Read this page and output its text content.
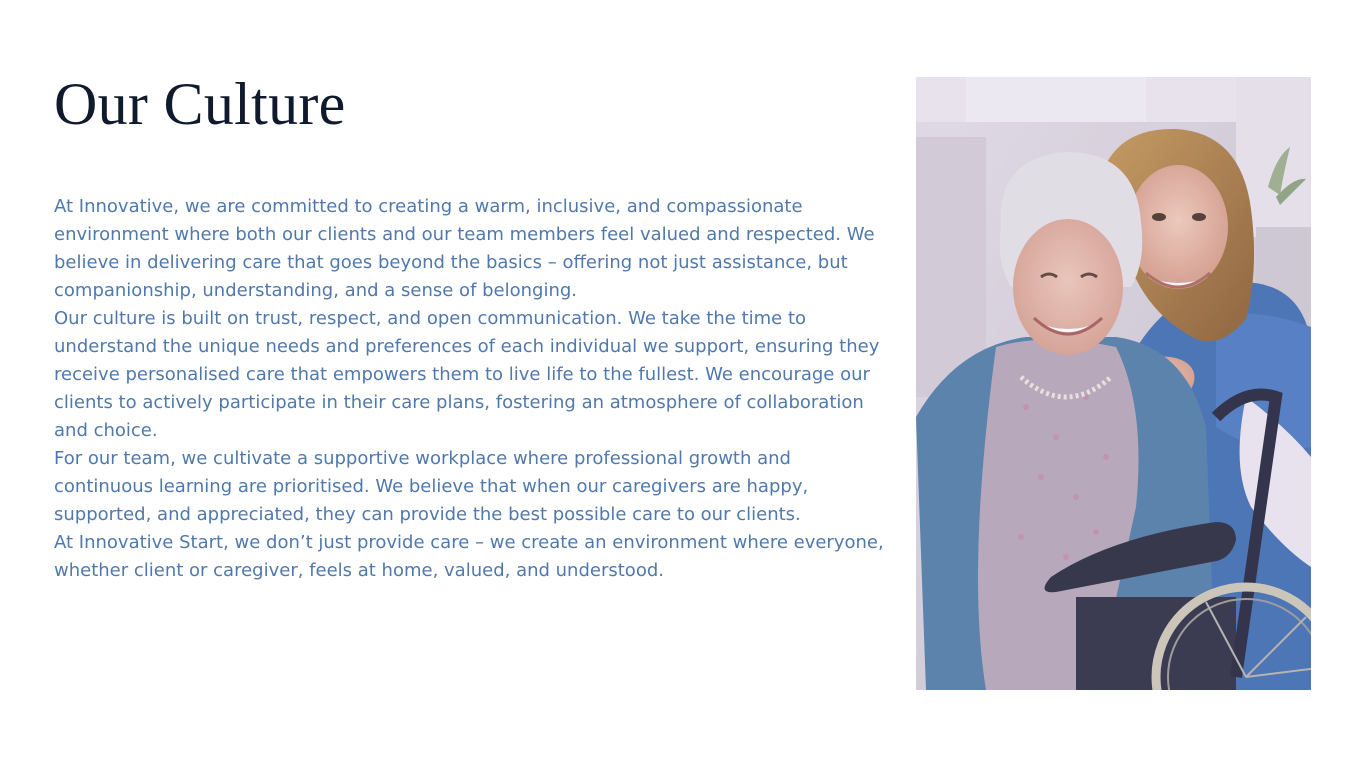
Our Culture

At Innovative, we are committed to creating a warm, inclusive, and compassionate environment where both our clients and our team members feel valued and respected. We believe in delivering care that goes beyond the basics – offering not just assistance, but companionship, understanding, and a sense of belonging.

Our culture is built on trust, respect, and open communication. We take the time to understand the unique needs and preferences of each individual we support, ensuring they receive personalised care that empowers them to live life to the fullest. We encourage our clients to actively participate in their care plans, fostering an atmosphere of collaboration and choice.

For our team, we cultivate a supportive workplace where professional growth and continuous learning are prioritised. We believe that when our caregivers are happy, supported, and appreciated, they can provide the best possible care to our clients.

At Innovative Start, we don’t just provide care – we create an environment where everyone, whether client or caregiver, feels at home, valued, and understood.
